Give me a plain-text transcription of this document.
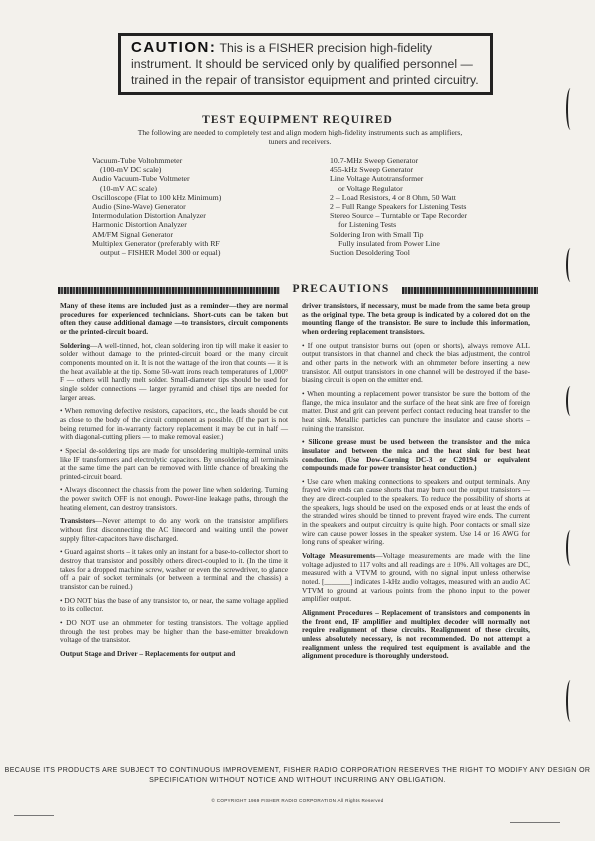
CAUTION: This is a FISHER precision high-fidelity instrument. It should be serviced only by qualified personnel — trained in the repair of transistor equipment and printed circuitry.
TEST EQUIPMENT REQUIRED
The following are needed to completely test and align modern high-fidelity instruments such as amplifiers, tuners and receivers.
Vacuum-Tube Voltohmmeter
(100-mV DC scale)
Audio Vacuum-Tube Voltmeter
(10-mV AC scale)
Oscilloscope (Flat to 100 kHz Minimum)
Audio (Sine-Wave) Generator
Intermodulation Distortion Analyzer
Harmonic Distortion Analyzer
AM/FM Signal Generator
Multiplex Generator (preferably with RF
output – FISHER Model 300 or equal)
10.7-MHz Sweep Generator
455-kHz Sweep Generator
Line Voltage Autotransformer
or Voltage Regulator
2 – Load Resistors, 4 or 8 Ohm, 50 Watt
2 – Full Range Speakers for Listening Tests
Stereo Source – Turntable or Tape Recorder
for Listening Tests
Soldering Iron with Small Tip
Fully insulated from Power Line
Suction Desoldering Tool
PRECAUTIONS

Many of these items are included just as a reminder—they are normal procedures for experienced technicians. Short-cuts can be taken but often they cause additional damage —to transistors, circuit components or the printed-circuit board.

Soldering—A well-tinned, hot, clean soldering iron tip will make it easier to solder without damage to the printed-circuit board or the many circuit components mounted on it. It is not the wattage of the iron that counts — it is the heat available at the tip. Some 50-watt irons reach temperatures of 1,000° F — others will hardly melt solder. Small-diameter tips should be used for single solder connections — larger pyramid and chisel tips are needed for larger areas.

• When removing defective resistors, capacitors, etc., the leads should be cut as close to the body of the circuit component as possible. (If the part is not being returned for in-warranty factory replacement it may be cut in half — with diagonal-cutting pliers — to make removal easier.)

• Special de-soldering tips are made for unsoldering multiple-terminal units like IF transformers and electrolytic capacitors. By unsoldering all terminals at the same time the part can be removed with little chance of breaking the printed-circuit board.

• Always disconnect the chassis from the power line when soldering. Turning the power switch OFF is not enough. Power-line leakage paths, through the heating element, can destroy transistors.

Transistors—Never attempt to do any work on the transistor amplifiers without first disconnecting the AC linecord and waiting until the power supply filter-capacitors have discharged.

• Guard against shorts – it takes only an instant for a base-to-collector short to destroy that transistor and possibly others direct-coupled to it. (In the time it takes for a dropped machine screw, washer or even the screwdriver, to glance off a pair of socket terminals (or between a terminal and the chassis) a transistor can be ruined.)

• DO NOT bias the base of any transistor to, or near, the same voltage applied to its collector.

• DO NOT use an ohmmeter for testing transistors. The voltage applied through the test probes may be higher than the base-emitter breakdown voltage of the transistor.

Output Stage and Driver – Replacements for output and

driver transistors, if necessary, must be made from the same beta group as the original type. The beta group is indicated by a colored dot on the mounting flange of the transistor. Be sure to include this information, when ordering replacement transistors.

• If one output transistor burns out (open or shorts), always remove ALL output transistors in that channel and check the bias adjustment, the control and other parts in the network with an ohmmeter before inserting a new transistor. All output transistors in one channel will be destroyed if the base-biasing circuit is open on the emitter end.

• When mounting a replacement power transistor be sure the bottom of the flange, the mica insulator and the surface of the heat sink are free of foreign matter. Dust and grit can prevent perfect contact reducing heat transfer to the heat sink. Metallic particles can puncture the insulator and cause shorts – ruining the transistor.

• Silicone grease must be used between the transistor and the mica insulator and between the mica and the heat sink for best heat conduction. (Use Dow-Corning DC-3 or C20194 or equivalent compounds made for power transistor heat conduction.)

• Use care when making connections to speakers and output terminals. Any frayed wire ends can cause shorts that may burn out the output transistors — they are direct-coupled to the speakers. To reduce the possibility of shorts at the speakers, lugs should be used on the exposed ends or at least the ends of the stranded wires should be tinned to prevent frayed wire ends. The current in the speakers and output circuitry is quite high. Poor contacts or small size wire can cause power losses in the speaker system. Use 14 or 16 AWG for long runs of speaker wiring.

Voltage Measurements—Voltage measurements are made with the line voltage adjusted to 117 volts and all readings are ± 10%. All voltages are DC, measured with a VTVM to ground, with no signal input unless otherwise noted. [_______] indicates 1-kHz audio voltages, measured with an audio AC VTVM to ground at various points from the phono input to the power amplifier output.

Alignment Procedures – Replacement of transistors and components in the front end, IF amplifier and multiplex decoder will normally not require realignment of these circuits. Realignment of these circuits, unless absolutely necessary, is not recommended. Do not attempt a realignment unless the required test equipment is available and the alignment procedure is thoroughly understood.

BECAUSE ITS PRODUCTS ARE SUBJECT TO CONTINUOUS IMPROVEMENT, FISHER RADIO CORPORATION RESERVES THE RIGHT TO MODIFY ANY DESIGN OR SPECIFICATION WITHOUT NOTICE AND WITHOUT INCURRING ANY OBLIGATION.
© COPYRIGHT 1969 FISHER RADIO CORPORATION All Rights Reserved
